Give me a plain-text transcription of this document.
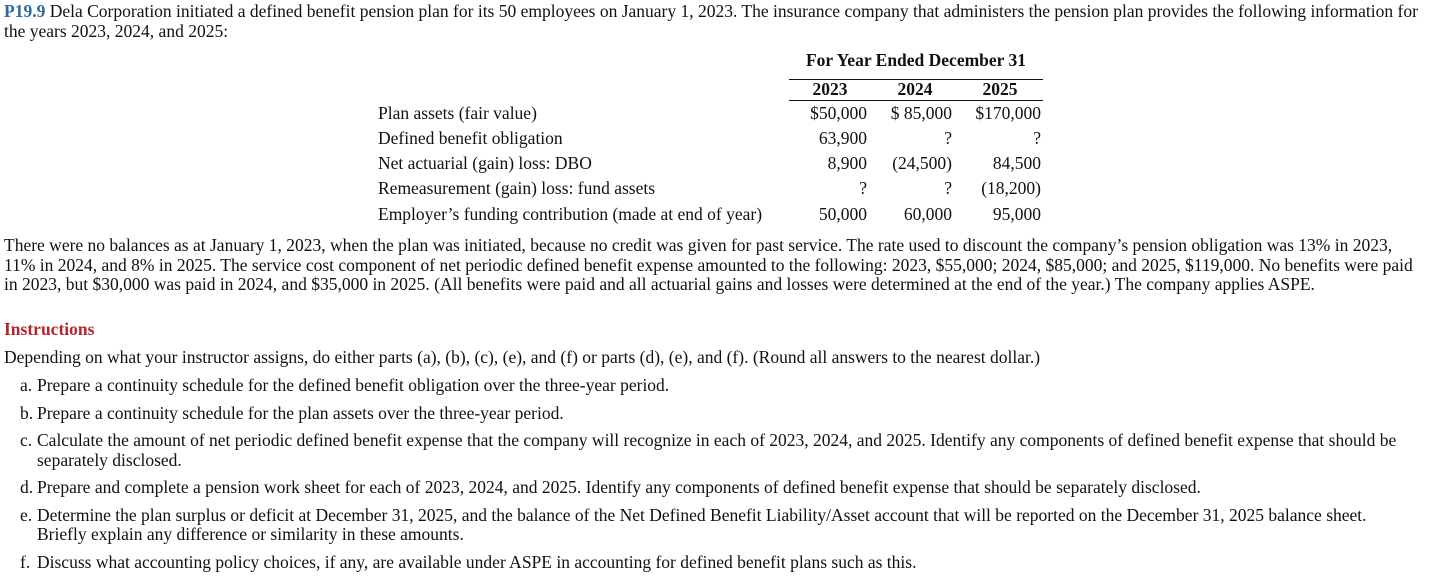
P19.9 Dela Corporation initiated a defined benefit pension plan for its 50 employees on January 1, 2023. The insurance company that administers the pension plan provides the following information for the years 2023, 2024, and 2025:
For Year Ended December 31
2023	2024	2025
Plan assets (fair value)	$50,000	$ 85,000	$170,000
Defined benefit obligation	63,900	?	?
Net actuarial (gain) loss: DBO	8,900	(24,500)	84,500
Remeasurement (gain) loss: fund assets	?	?	(18,200)
Employer’s funding contribution (made at end of year)	50,000	60,000	95,000
There were no balances as at January 1, 2023, when the plan was initiated, because no credit was given for past service. The rate used to discount the company’s pension obligation was 13% in 2023, 11% in 2024, and 8% in 2025. The service cost component of net periodic defined benefit expense amounted to the following: 2023, $55,000; 2024, $85,000; and 2025, $119,000. No benefits were paid in 2023, but $30,000 was paid in 2024, and $35,000 in 2025. (All benefits were paid and all actuarial gains and losses were determined at the end of the year.) The company applies ASPE.
Instructions
Depending on what your instructor assigns, do either parts (a), (b), (c), (e), and (f) or parts (d), (e), and (f). (Round all answers to the nearest dollar.)
a. Prepare a continuity schedule for the defined benefit obligation over the three-year period.
b. Prepare a continuity schedule for the plan assets over the three-year period.
c. Calculate the amount of net periodic defined benefit expense that the company will recognize in each of 2023, 2024, and 2025. Identify any components of defined benefit expense that should be separately disclosed.
d. Prepare and complete a pension work sheet for each of 2023, 2024, and 2025. Identify any components of defined benefit expense that should be separately disclosed.
e. Determine the plan surplus or deficit at December 31, 2025, and the balance of the Net Defined Benefit Liability/Asset account that will be reported on the December 31, 2025 balance sheet. Briefly explain any difference or similarity in these amounts.
f. Discuss what accounting policy choices, if any, are available under ASPE in accounting for defined benefit plans such as this.
